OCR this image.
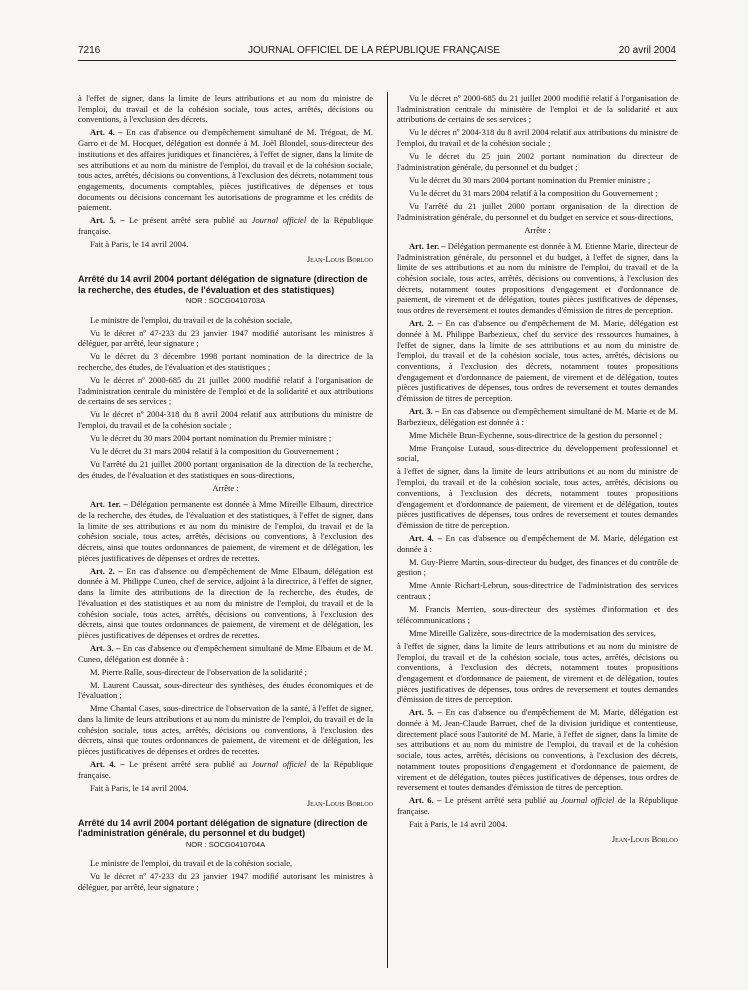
7216	JOURNAL OFFICIEL DE LA RÉPUBLIQUE FRANÇAISE	20 avril 2004

à l'effet de signer, dans la limite de leurs attributions et au nom du ministre de l'emploi, du travail et de la cohésion sociale, tous actes, arrêtés, décisions ou conventions, à l'exclusion des décrets.

Art. 4. – En cas d'absence ou d'empêchement simultané de M. Trégoat, de M. Garro et de M. Hocquet, délégation est donnée à M. Joël Blondel, sous-directeur des institutions et des affaires juridiques et financières, à l'effet de signer, dans la limite de ses attributions et au nom du ministre de l'emploi, du travail et de la cohésion sociale, tous actes, arrêtés, décisions ou conventions, à l'exclusion des décrets, notamment tous engagements, documents comptables, pièces justificatives de dépenses et tous documents ou décisions concernant les autorisations de programme et les crédits de paiement.

Art. 5. – Le présent arrêté sera publié au Journal officiel de la République française.

Fait à Paris, le 14 avril 2004.

Jean-Louis Borloo

Arrêté du 14 avril 2004 portant délégation de signature (direction de la recherche, des études, de l'évaluation et des statistiques)

NOR : SOCG0410703A

Le ministre de l'emploi, du travail et de la cohésion sociale,

Vu le décret nº 47-233 du 23 janvier 1947 modifié autorisant les ministres à déléguer, par arrêté, leur signature ;

Vu le décret du 3 décembre 1998 portant nomination de la directrice de la recherche, des études, de l'évaluation et des statistiques ;

Vu le décret nº 2000-685 du 21 juillet 2000 modifié relatif à l'organisation de l'administration centrale du ministère de l'emploi et de la solidarité et aux attributions de certains de ses services ;

Vu le décret nº 2004-318 du 8 avril 2004 relatif aux attributions du ministre de l'emploi, du travail et de la cohésion sociale ;

Vu le décret du 30 mars 2004 portant nomination du Premier ministre ;

Vu le décret du 31 mars 2004 relatif à la composition du Gouvernement ;

Vu l'arrêté du 21 juillet 2000 portant organisation de la direction de la recherche, des études, de l'évaluation et des statistiques en sous-directions,

Arrête :

Art. 1er. – Délégation permanente est donnée à Mme Mireille Elbaum, directrice de la recherche, des études, de l'évaluation et des statistiques, à l'effet de signer, dans la limite de ses attributions et au nom du ministre de l'emploi, du travail et de la cohésion sociale, tous actes, arrêtés, décisions ou conventions, à l'exclusion des décrets, ainsi que toutes ordonnances de paiement, de virement et de délégation, les pièces justificatives de dépenses et ordres de recettes.

Art. 2. – En cas d'absence ou d'empêchement de Mme Elbaum, délégation est donnée à M. Philippe Cuneo, chef de service, adjoint à la directrice, à l'effet de signer, dans la limite des attributions de la direction de la recherche, des études, de l'évaluation et des statistiques et au nom du ministre de l'emploi, du travail et de la cohésion sociale, tous actes, arrêtés, décisions ou conventions, à l'exclusion des décrets, ainsi que toutes ordonnances de paiement, de virement et de délégation, les pièces justificatives de dépenses et ordres de recettes.

Art. 3. – En cas d'absence ou d'empêchement simultané de Mme Elbaum et de M. Cuneo, délégation est donnée à :

M. Pierre Ralle, sous-directeur de l'observation de la solidarité ;

M. Laurent Caussat, sous-directeur des synthèses, des études économiques et de l'évaluation ;

Mme Chantal Cases, sous-directrice de l'observation de la santé, à l'effet de signer, dans la limite de leurs attributions et au nom du ministre de l'emploi, du travail et de la cohésion sociale, tous actes, arrêtés, décisions ou conventions, à l'exclusion des décrets, ainsi que toutes ordonnances de paiement, de virement et de délégation, les pièces justificatives de dépenses et ordres de recettes.

Art. 4. – Le présent arrêté sera publié au Journal officiel de la République française.

Fait à Paris, le 14 avril 2004.

Jean-Louis Borloo

Arrêté du 14 avril 2004 portant délégation de signature (direction de l'administration générale, du personnel et du budget)

NOR : SOCG0410704A

Le ministre de l'emploi, du travail et de la cohésion sociale,

Vu le décret nº 47-233 du 23 janvier 1947 modifié autorisant les ministres à déléguer, par arrêté, leur signature ;

Vu le décret nº 2000-685 du 21 juillet 2000 modifié relatif à l'organisation de l'administration centrale du ministère de l'emploi et de la solidarité et aux attributions de certains de ses services ;

Vu le décret nº 2004-318 du 8 avril 2004 relatif aux attributions du ministre de l'emploi, du travail et de la cohésion sociale ;

Vu le décret du 25 juin 2002 portant nomination du directeur de l'administration générale, du personnel et du budget ;

Vu le décret du 30 mars 2004 portant nomination du Premier ministre ;

Vu le décret du 31 mars 2004 relatif à la composition du Gouvernement ;

Vu l'arrêté du 21 juillet 2000 portant organisation de la direction de l'administration générale, du personnel et du budget en service et sous-directions,

Arrête :

Art. 1er. – Délégation permanente est donnée à M. Etienne Marie, directeur de l'administration générale, du personnel et du budget, à l'effet de signer, dans la limite de ses attributions et au nom du ministre de l'emploi, du travail et de la cohésion sociale, tous actes, arrêtés, décisions ou conventions, à l'exclusion des décrets, notamment toutes propositions d'engagement et d'ordonnance de paiement, de virement et de délégation, toutes pièces justificatives de dépenses, tous ordres de reversement et toutes demandes d'émission de titres de perception.

Art. 2. – En cas d'absence ou d'empêchement de M. Marie, délégation est donnée à M. Philippe Barbezieux, chef du service des ressources humaines, à l'effet de signer, dans la limite de ses attributions et au nom du ministre de l'emploi, du travail et de la cohésion sociale, tous actes, arrêtés, décisions ou conventions, à l'exclusion des décrets, notamment toutes propositions d'engagement et d'ordonnance de paiement, de virement et de délégation, toutes pièces justificatives de dépenses, tous ordres de reversement et toutes demandes d'émission de titres de perception.

Art. 3. – En cas d'absence ou d'empêchement simultané de M. Marie et de M. Barbezieux, délégation est donnée à :

Mme Michèle Brun-Eychenne, sous-directrice de la gestion du personnel ;

Mme Françoise Lutaud, sous-directrice du développement professionnel et social,

à l'effet de signer, dans la limite de leurs attributions et au nom du ministre de l'emploi, du travail et de la cohésion sociale, tous actes, arrêtés, décisions ou conventions, à l'exclusion des décrets, notamment toutes propositions d'engagement et d'ordonnance de paiement, de virement et de délégation, toutes pièces justificatives de dépenses, tous ordres de reversement et toutes demandes d'émission de titre de perception.

Art. 4. – En cas d'absence ou d'empêchement de M. Marie, délégation est donnée à :

M. Guy-Pierre Martin, sous-directeur du budget, des finances et du contrôle de gestion ;

Mme Annie Richart-Lebrun, sous-directrice de l'administration des services centraux ;

M. Francis Merrien, sous-directeur des systèmes d'information et des télécommunications ;

Mme Mireille Galizère, sous-directrice de la modernisation des services,

à l'effet de signer, dans la limite de leurs attributions et au nom du ministre de l'emploi, du travail et de la cohésion sociale, tous actes, arrêtés, décisions ou conventions, à l'exclusion des décrets, notamment toutes propositions d'engagement et d'ordonnance de paiement, de virement et de délégation, toutes pièces justificatives de dépenses, tous ordres de reversement et toutes demandes d'émission de titres de perception.

Art. 5. – En cas d'absence ou d'empêchement de M. Marie, délégation est donnée à M. Jean-Claude Barruet, chef de la division juridique et contentieuse, directement placé sous l'autorité de M. Marie, à l'effet de signer, dans la limite de ses attributions et au nom du ministre de l'emploi, du travail et de la cohésion sociale, tous actes, arrêtés, décisions ou conventions, à l'exclusion des décrets, notamment toutes propositions d'engagement et d'ordonnance de paiement, de virement et de délégation, toutes pièces justificatives de dépenses, tous ordres de reversement et toutes demandes d'émission de titres de perception.

Art. 6. – Le présent arrêté sera publié au Journal officiel de la République française.

Fait à Paris, le 14 avril 2004.

Jean-Louis Borloo
